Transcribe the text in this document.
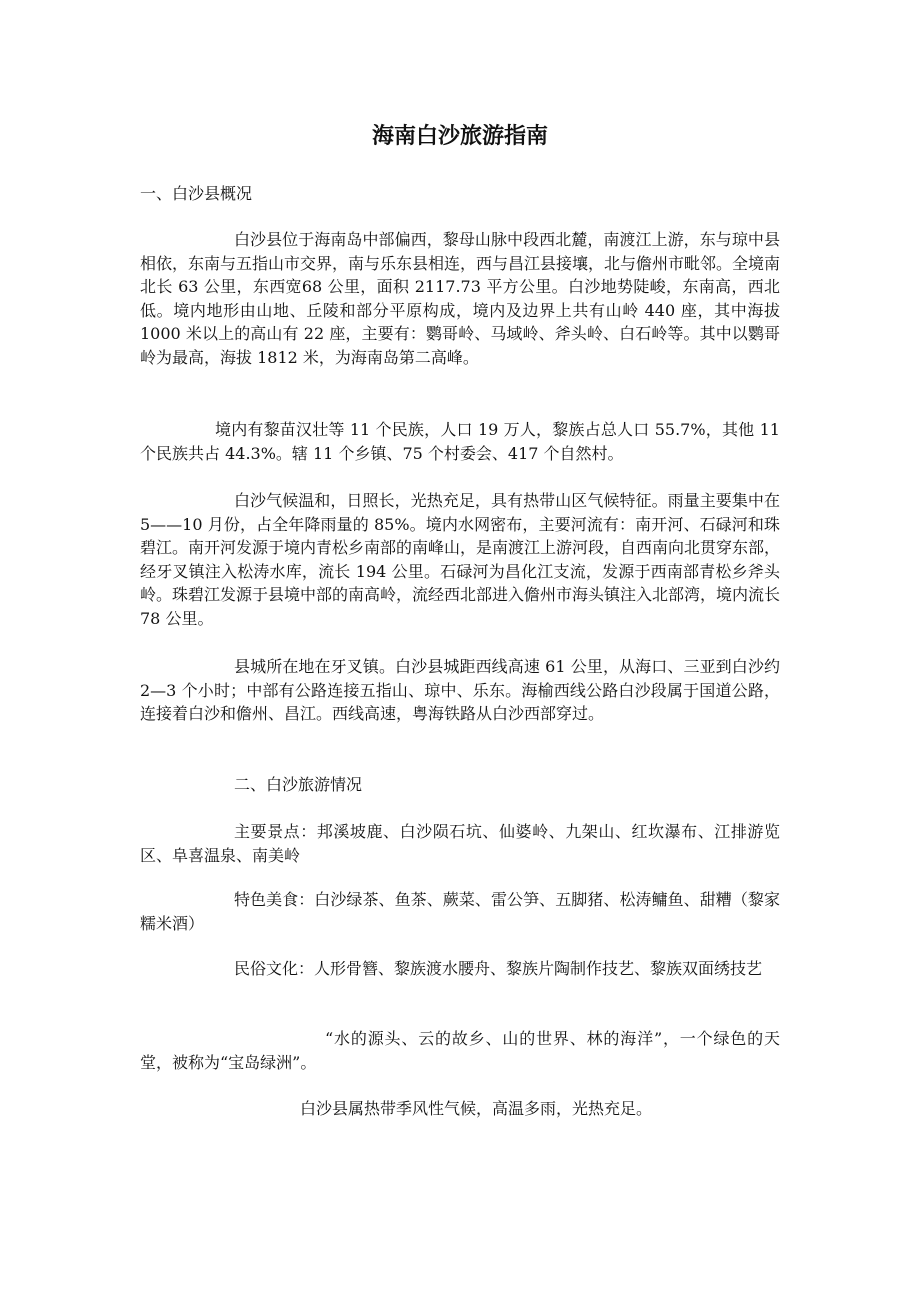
海南白沙旅游指南

一、白沙县概况

白沙县位于海南岛中部偏西，黎母山脉中段西北麓，南渡江上游，东与琼中县相依，东南与五指山市交界，南与乐东县相连，西与昌江县接壤，北与儋州市毗邻。全境南北长 63 公里，东西宽68 公里，面积 2117.73 平方公里。白沙地势陡峻，东南高，西北低。境内地形由山地、丘陵和部分平原构成，境内及边界上共有山岭 440 座，其中海拔 1000 米以上的高山有 22 座，主要有：鹦哥岭、马域岭、斧头岭、白石岭等。其中以鹦哥岭为最高，海拔 1812 米，为海南岛第二高峰。

境内有黎苗汉壮等 11 个民族，人口 19 万人，黎族占总人口 55.7%，其他 11 个民族共占 44.3%。辖 11 个乡镇、75 个村委会、417 个自然村。

白沙气候温和，日照长，光热充足，具有热带山区气候特征。雨量主要集中在 5——10 月份，占全年降雨量的 85%。境内水网密布，主要河流有：南开河、石碌河和珠碧江。南开河发源于境内青松乡南部的南峰山，是南渡江上游河段，自西南向北贯穿东部，经牙叉镇注入松涛水库，流长 194 公里。石碌河为昌化江支流，发源于西南部青松乡斧头岭。珠碧江发源于县境中部的南高岭，流经西北部进入儋州市海头镇注入北部湾，境内流长 78 公里。

县城所在地在牙叉镇。白沙县城距西线高速 61 公里，从海口、三亚到白沙约 2—3 个小时；中部有公路连接五指山、琼中、乐东。海榆西线公路白沙段属于国道公路，连接着白沙和儋州、昌江。西线高速，粤海铁路从白沙西部穿过。

二、白沙旅游情况

主要景点：邦溪坡鹿、白沙陨石坑、仙婆岭、九架山、红坎瀑布、江排游览区、阜喜温泉、南美岭

特色美食：白沙绿茶、鱼茶、蕨菜、雷公笋、五脚猪、松涛鳙鱼、甜糟（黎家糯米酒）

民俗文化：人形骨簪、黎族渡水腰舟、黎族片陶制作技艺、黎族双面绣技艺

“水的源头、云的故乡、山的世界、林的海洋”，一个绿色的天堂，被称为“宝岛绿洲”。

白沙县属热带季风性气候，高温多雨，光热充足。
